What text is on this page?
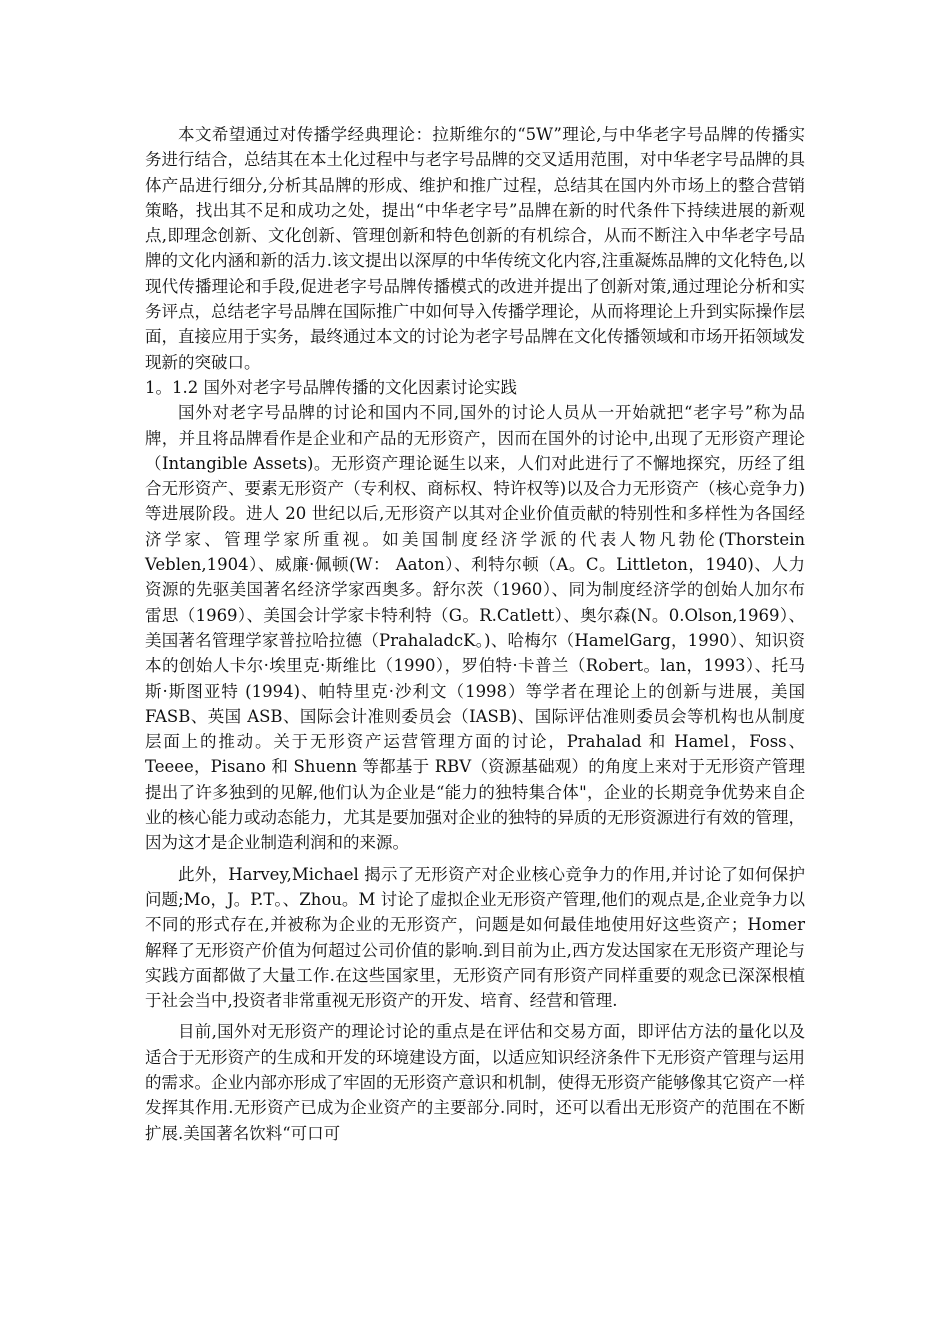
本文希望通过对传播学经典理论：拉斯维尔的“5W”理论,与中华老字号品牌的传播实务进行结合，总结其在本土化过程中与老字号品牌的交叉适用范围，对中华老字号品牌的具体产品进行细分,分析其品牌的形成、维护和推广过程，总结其在国内外市场上的整合营销策略，找出其不足和成功之处，提出“中华老字号”品牌在新的时代条件下持续进展的新观点,即理念创新、文化创新、管理创新和特色创新的有机综合，从而不断注入中华老字号品牌的文化内涵和新的活力.该文提出以深厚的中华传统文化内容,注重凝炼品牌的文化特色,以现代传播理论和手段,促进老字号品牌传播模式的改进并提出了创新对策,通过理论分析和实务评点，总结老字号品牌在国际推广中如何导入传播学理论，从而将理论上升到实际操作层面，直接应用于实务，最终通过本文的讨论为老字号品牌在文化传播领域和市场开拓领域发现新的突破口。

1。1.2 国外对老字号品牌传播的文化因素讨论实践

国外对老字号品牌的讨论和国内不同,国外的讨论人员从一开始就把“老字号”称为品牌，并且将品牌看作是企业和产品的无形资产，因而在国外的讨论中,出现了无形资产理论（Intangible Assets)。无形资产理论诞生以来，人们对此进行了不懈地探究，历经了组合无形资产、要素无形资产（专利权、商标权、特许权等)以及合力无形资产（核心竞争力)等进展阶段。进人 20 世纪以后,无形资产以其对企业价值贡献的特别性和多样性为各国经济学家、管理学家所重视。如美国制度经济学派的代表人物凡勃伦(Thorstein Veblen,1904）、威廉·佩顿(W： Aaton）、利特尔顿（A。C。Littleton，1940)、人力资源的先驱美国著名经济学家西奥多。舒尔茨（1960）、同为制度经济学的创始人加尔布雷思（1969）、美国会计学家卡特利特（G。R.Catlett）、奥尔森(N。0.Olson,1969）、美国著名管理学家普拉哈拉德（PrahaladcK。)、哈梅尔（HamelGarg，1990）、知识资本的创始人卡尔·埃里克·斯维比（1990），罗伯特·卡普兰（Robert。lan，1993）、托马斯·斯图亚特 (1994)、帕特里克·沙利文（1998）等学者在理论上的创新与进展，美国 FASB、英国 ASB、国际会计准则委员会（IASB)、国际评估准则委员会等机构也从制度层面上的推动。关于无形资产运营管理方面的讨论，Prahalad 和 Hamel，Foss、Teeee，Pisano 和 Shuenn 等都基于 RBV（资源基础观）的角度上来对于无形资产管理提出了许多独到的见解,他们认为企业是“能力的独特集合体"，企业的长期竞争优势来自企业的核心能力或动态能力，尤其是要加强对企业的独特的异质的无形资源进行有效的管理，因为这才是企业制造利润和的来源。

此外，Harvey,Michael 揭示了无形资产对企业核心竞争力的作用,并讨论了如何保护问题;Mo，J。P.T。、Zhou。M 讨论了虚拟企业无形资产管理,他们的观点是,企业竞争力以不同的形式存在,并被称为企业的无形资产，问题是如何最佳地使用好这些资产；Homer 解释了无形资产价值为何超过公司价值的影响.到目前为止,西方发达国家在无形资产理论与实践方面都做了大量工作.在这些国家里，无形资产同有形资产同样重要的观念已深深根植于社会当中,投资者非常重视无形资产的开发、培育、经营和管理.

目前,国外对无形资产的理论讨论的重点是在评估和交易方面，即评估方法的量化以及适合于无形资产的生成和开发的环境建设方面，以适应知识经济条件下无形资产管理与运用的需求。企业内部亦形成了牢固的无形资产意识和机制，使得无形资产能够像其它资产一样发挥其作用.无形资产已成为企业资产的主要部分.同时，还可以看出无形资产的范围在不断扩展.美国著名饮料“可口可
